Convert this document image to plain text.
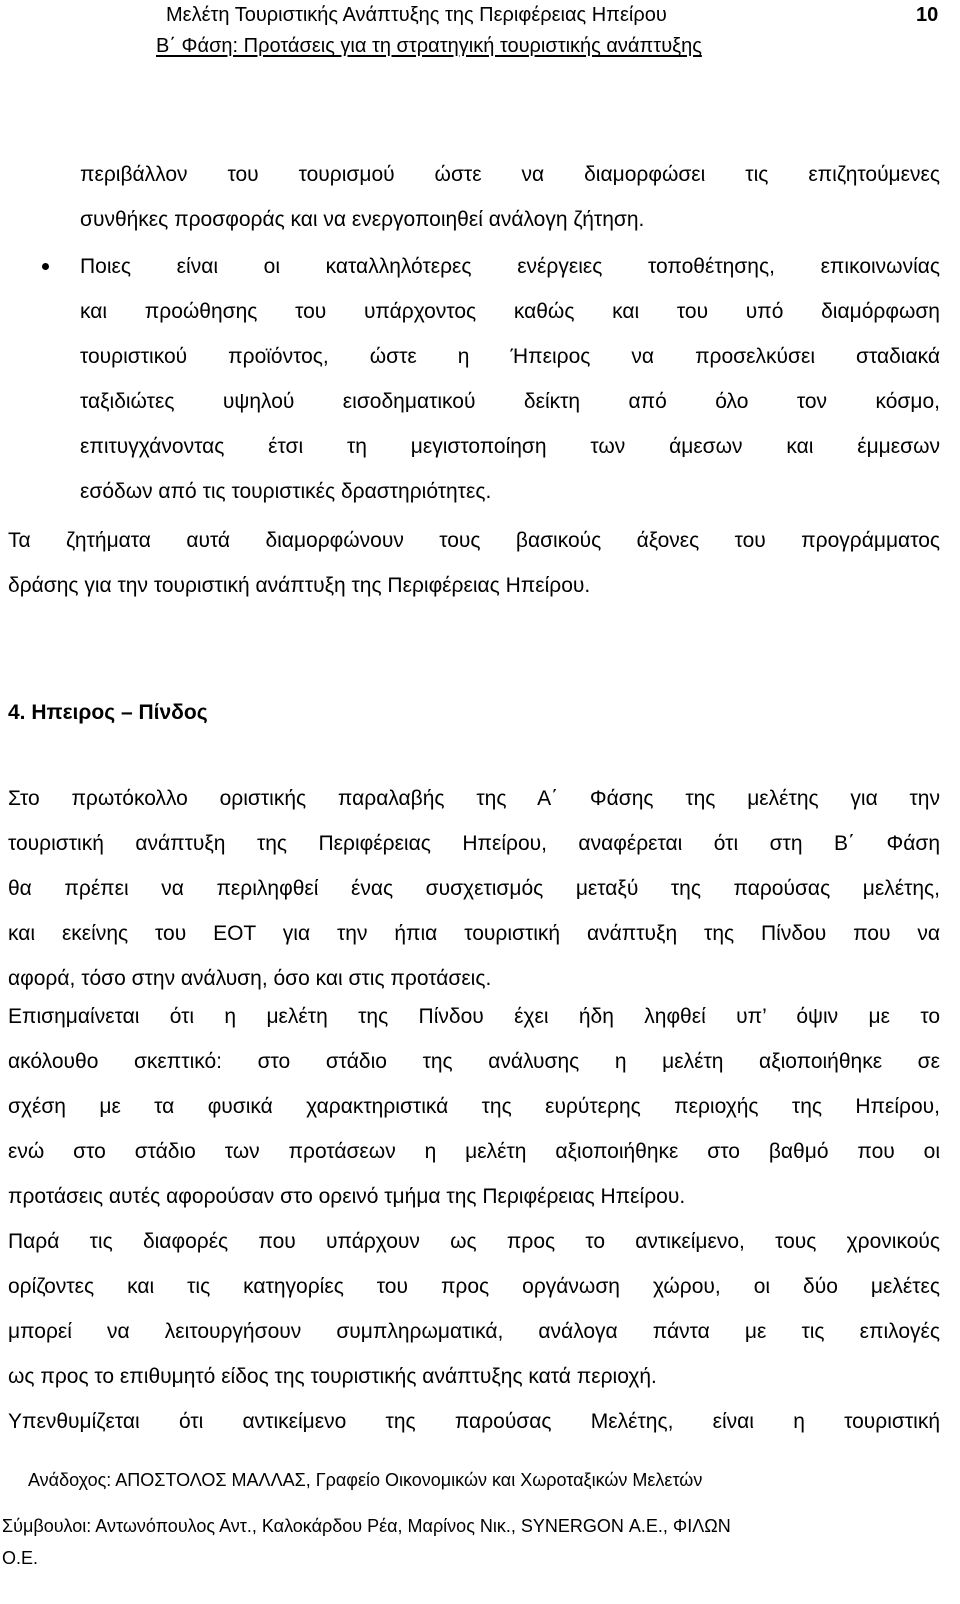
Μελέτη Τουριστικής Ανάπτυξης της Περιφέρειας Ηπείρου	10
Β΄ Φάση: Προτάσεις για τη στρατηγική τουριστικής ανάπτυξης
περιβάλλον του τουρισμού ώστε να διαμορφώσει τις επιζητούμενες
συνθήκες προσφοράς και να ενεργοποιηθεί ανάλογη ζήτηση.
Ποιες είναι οι καταλληλότερες ενέργειες τοποθέτησης, επικοινωνίας
και προώθησης του υπάρχοντος καθώς και του υπό διαμόρφωση
τουριστικού προϊόντος, ώστε η Ήπειρος να προσελκύσει σταδιακά
ταξιδιώτες υψηλού εισοδηματικού δείκτη από όλο τον κόσμο,
επιτυγχάνοντας έτσι τη μεγιστοποίηση των άμεσων και έμμεσων
εσόδων από τις τουριστικές δραστηριότητες.
Τα ζητήματα αυτά διαμορφώνουν τους βασικούς άξονες του προγράμματος
δράσης για την τουριστική ανάπτυξη της Περιφέρειας Ηπείρου.
4. Ηπειρος – Πίνδος
Στο πρωτόκολλο οριστικής παραλαβής της Α΄ Φάσης της μελέτης για την
τουριστική ανάπτυξη της Περιφέρειας Ηπείρου, αναφέρεται ότι στη Β΄ Φάση
θα πρέπει να περιληφθεί ένας συσχετισμός μεταξύ της παρούσας μελέτης,
και εκείνης του ΕΟΤ για την ήπια τουριστική ανάπτυξη της Πίνδου που να
αφορά, τόσο στην ανάλυση, όσο και στις προτάσεις.
Επισημαίνεται ότι η μελέτη της Πίνδου έχει ήδη ληφθεί υπ’ όψιν με το
ακόλουθο σκεπτικό: στο στάδιο της ανάλυσης η μελέτη αξιοποιήθηκε σε
σχέση με τα φυσικά χαρακτηριστικά της ευρύτερης περιοχής της Ηπείρου,
ενώ στο στάδιο των προτάσεων η μελέτη αξιοποιήθηκε στο βαθμό που οι
προτάσεις αυτές αφορούσαν στο ορεινό τμήμα της Περιφέρειας Ηπείρου.
Παρά τις διαφορές που υπάρχουν ως προς το αντικείμενο, τους χρονικούς
ορίζοντες και τις κατηγορίες του προς οργάνωση χώρου, οι δύο μελέτες
μπορεί να λειτουργήσουν συμπληρωματικά, ανάλογα πάντα με τις επιλογές
ως προς το επιθυμητό είδος της τουριστικής ανάπτυξης κατά περιοχή.
Υπενθυμίζεται ότι αντικείμενο της παρούσας Μελέτης, είναι η τουριστική
Ανάδοχος: ΑΠΟΣΤΟΛΟΣ ΜΑΛΛΑΣ, Γραφείο Οικονομικών και Χωροταξικών Μελετών
Σύμβουλοι: Αντωνόπουλος Αντ., Καλοκάρδου Ρέα, Μαρίνος Νικ., SYNERGON Α.Ε., ΦΙΛΩΝ
Ο.Ε.
